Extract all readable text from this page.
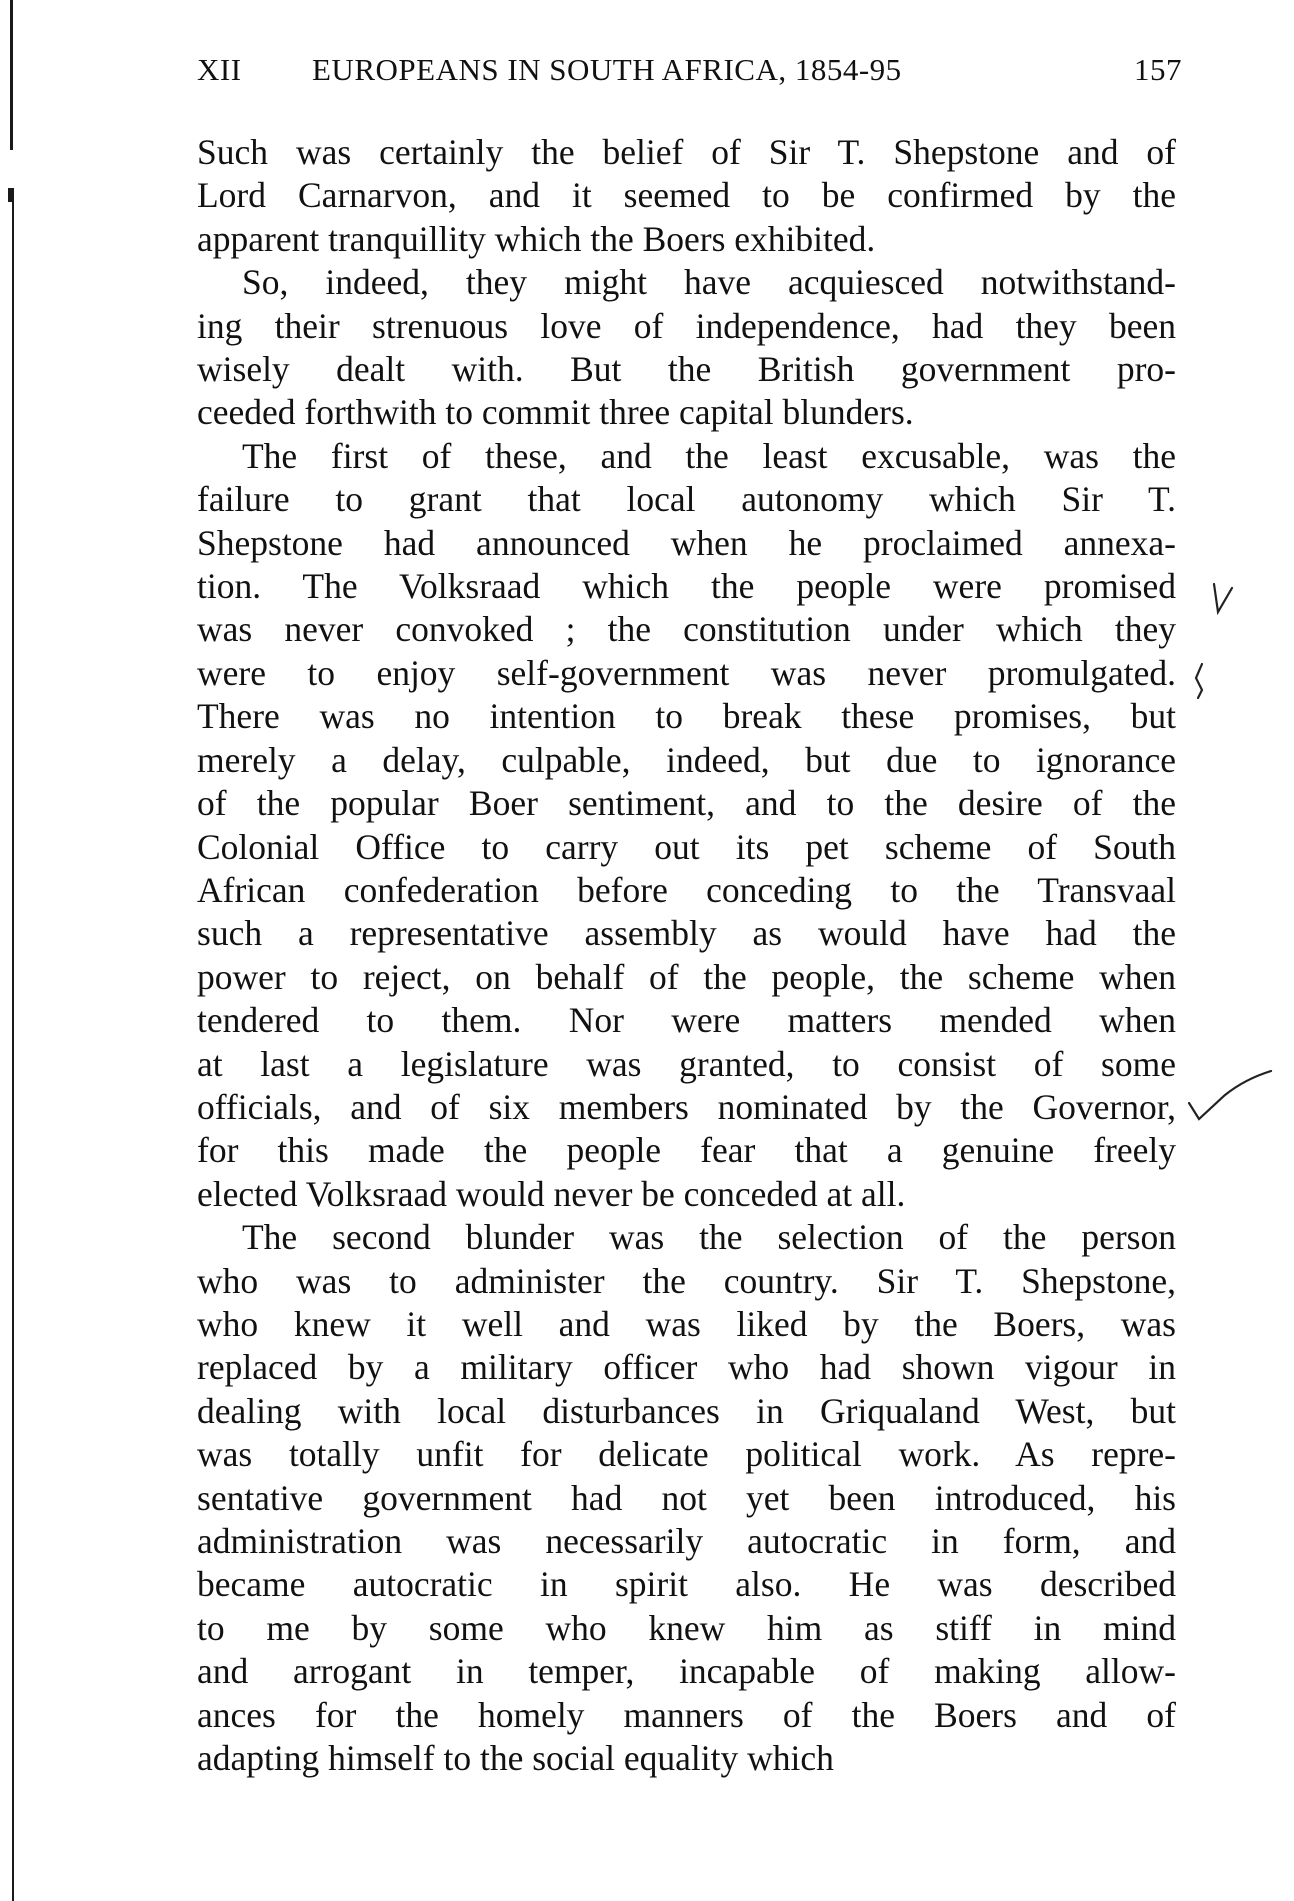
XII EUROPEANS IN SOUTH AFRICA, 1854-95	157

Such was certainly the belief of Sir T. Shepstone and of
Lord Carnarvon, and it seemed to be confirmed by the
apparent tranquillity which the Boers exhibited.

So, indeed, they might have acquiesced notwithstand-
ing their strenuous love of independence, had they been
wisely dealt with. But the British government pro-
ceeded forthwith to commit three capital blunders.

The first of these, and the least excusable, was the
failure to grant that local autonomy which Sir T.
Shepstone had announced when he proclaimed annexa-
tion. The Volksraad which the people were promised
was never convoked ; the constitution under which they
were to enjoy self-government was never promulgated.
There was no intention to break these promises, but
merely a delay, culpable, indeed, but due to ignorance
of the popular Boer sentiment, and to the desire of the
Colonial Office to carry out its pet scheme of South
African confederation before conceding to the Transvaal
such a representative assembly as would have had the
power to reject, on behalf of the people, the scheme when
tendered to them. Nor were matters mended when
at last a legislature was granted, to consist of some
officials, and of six members nominated by the Governor,
for this made the people fear that a genuine freely
elected Volksraad would never be conceded at all.

The second blunder was the selection of the person
who was to administer the country. Sir T. Shepstone,
who knew it well and was liked by the Boers, was
replaced by a military officer who had shown vigour in
dealing with local disturbances in Griqualand West, but
was totally unfit for delicate political work. As repre-
sentative government had not yet been introduced, his
administration was necessarily autocratic in form, and
became autocratic in spirit also. He was described
to me by some who knew him as stiff in mind
and arrogant in temper, incapable of making allow-
ances for the homely manners of the Boers and of
adapting himself to the social equality which
